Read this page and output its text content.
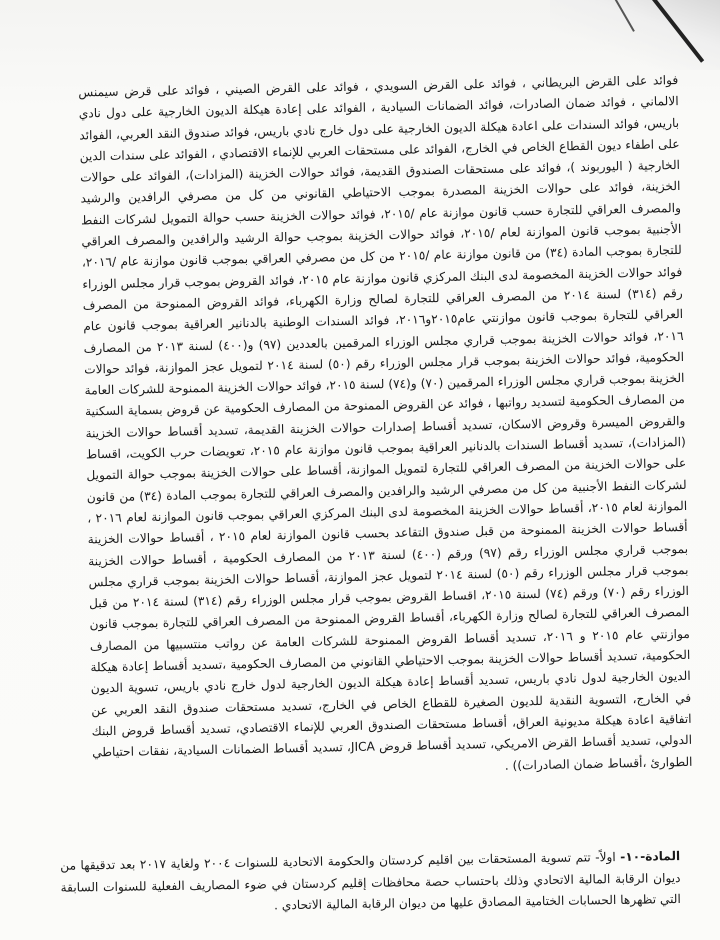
فوائد على القرض البريطاني ، فوائد على القرض السويدي ، فوائد على القرض الصيني ، فوائد على قرض سيمنس الالماني ، فوائد ضمان الصادرات، فوائد الضمانات السيادية ، الفوائد على إعادة هيكلة الديون الخارجية على دول نادي باريس، فوائد السندات على اعادة هيكلة الديون الخارجية على دول خارج نادي باريس، فوائد صندوق النقد العربي، الفوائد على اطفاء ديون القطاع الخاص في الخارج، الفوائد على مستحقات العربي للإنماء الاقتصادي ، الفوائد على سندات الدين الخارجية ( اليوربوند )، فوائد على مستحقات الصندوق القديمة، فوائد حوالات الخزينة (المزادات)، الفوائد على حوالات الخزينة، فوائد على حوالات الخزينة المصدرة بموجب الاحتياطي القانوني من كل من مصرفي الرافدين والرشيد والمصرف العراقي للتجارة حسب قانون موازنة عام /٢٠١٥، فوائد حوالات الخزينة حسب حوالة التمويل لشركات النفط الأجنبية بموجب قانون الموازنة لعام /٢٠١٥، فوائد حوالات الخزينة بموجب حوالة الرشيد والرافدين والمصرف العراقي للتجارة بموجب المادة (٣٤) من قانون موازنة عام /٢٠١٥ من كل من مصرفي العراقي بموجب قانون موازنة عام /٢٠١٦، فوائد حوالات الخزينة المخصومة لدى البنك المركزي قانون موازنة عام ٢٠١٥، فوائد القروض بموجب قرار مجلس الوزراء رقم (٣١٤) لسنة ٢٠١٤ من المصرف العراقي للتجارة لصالح وزارة الكهرباء، فوائد القروض الممنوحة من المصرف العراقي للتجارة بموجب قانون موازنتي عام٢٠١٥و٢٠١٦، فوائد السندات الوطنية بالدنانير العراقية بموجب قانون عام ٢٠١٦، فوائد حوالات الخزينة بموجب قراري مجلس الوزراء المرقمين بالعددين (٩٧) و(٤٠٠) لسنة ٢٠١٣ من المصارف الحكومية، فوائد حوالات الخزينة بموجب قرار مجلس الوزراء رقم (٥٠) لسنة ٢٠١٤ لتمويل عجز الموازنة، فوائد حوالات الخزينة بموجب قراري مجلس الوزراء المرقمين (٧٠) و(٧٤) لسنة ٢٠١٥، فوائد حوالات الخزينة الممنوحة للشركات العامة من المصارف الحكومية لتسديد رواتبها ، فوائد عن القروض الممنوحة من المصارف الحكومية عن قروض بسماية السكنية والقروض الميسرة وقروض الاسكان، تسديد أقساط إصدارات حوالات الخزينة القديمة، تسديد أقساط حوالات الخزينة (المزادات)، تسديد أقساط السندات بالدنانير العراقية بموجب قانون موازنة عام ٢٠١٥، تعويضات حرب الكويت، اقساط على حوالات الخزينة من المصرف العراقي للتجارة لتمويل الموازنة، أقساط على حوالات الخزينة بموجب حوالة التمويل لشركات النفط الأجنبية من كل من مصرفي الرشيد والرافدين والمصرف العراقي للتجارة بموجب المادة (٣٤) من قانون الموازنة لعام ٢٠١٥، أقساط حوالات الخزينة المخصومة لدى البنك المركزي العراقي بموجب قانون الموازنة لعام ٢٠١٦ ، أقساط حوالات الخزينة الممنوحة من قبل صندوق التقاعد بحسب قانون الموازنة لعام ٢٠١٥ ، أقساط حوالات الخزينة بموجب قراري مجلس الوزراء رقم (٩٧) ورقم (٤٠٠) لسنة ٢٠١٣ من المصارف الحكومية ، أقساط حوالات الخزينة بموجب قرار مجلس الوزراء رقم (٥٠) لسنة ٢٠١٤ لتمويل عجز الموازنة، أقساط حوالات الخزينة بموجب قراري مجلس الوزراء رقم (٧٠) ورقم (٧٤) لسنة ٢٠١٥، اقساط القروض بموجب قرار مجلس الوزراء رقم (٣١٤) لسنة ٢٠١٤ من قبل المصرف العراقي للتجارة لصالح وزارة الكهرباء، أقساط القروض الممنوحة من المصرف العراقي للتجارة بموجب قانون موازنتي عام ٢٠١٥ و ٢٠١٦، تسديد أقساط القروض الممنوحة للشركات العامة عن رواتب منتسبيها من المصارف الحكومية، تسديد أقساط حوالات الخزينة بموجب الاحتياطي القانوني من المصارف الحكومية ،تسديد أقساط إعادة هيكلة الديون الخارجية لدول نادي باريس، تسديد أقساط إعادة هيكلة الديون الخارجية لدول خارج نادي باريس، تسوية الديون في الخارج، التسوية النقدية للديون الصغيرة للقطاع الخاص في الخارج، تسديد مستحقات صندوق النقد العربي عن اتفاقية اعادة هيكلة مديونية العراق، أقساط مستحقات الصندوق العربي للإنماء الاقتصادي، تسديد أقساط قروض البنك الدولي، تسديد أقساط القرض الامريكي، تسديد أقساط قروض JICA، تسديد أقساط الضمانات السيادية، نفقات احتياطي الطوارئ ،أقساط ضمان الصادرات)) .

المادة-١٠- اولاً- تتم تسوية المستحقات بين اقليم كردستان والحكومة الاتحادية للسنوات ٢٠٠٤ ولغاية ٢٠١٧ بعد تدقيقها من ديوان الرقابة المالية الاتحادي وذلك باحتساب حصة محافظات إقليم كردستان في ضوء المصاريف الفعلية للسنوات السابقة التي تظهرها الحسابات الختامية المصادق عليها من ديوان الرقابة المالية الاتحادي .
